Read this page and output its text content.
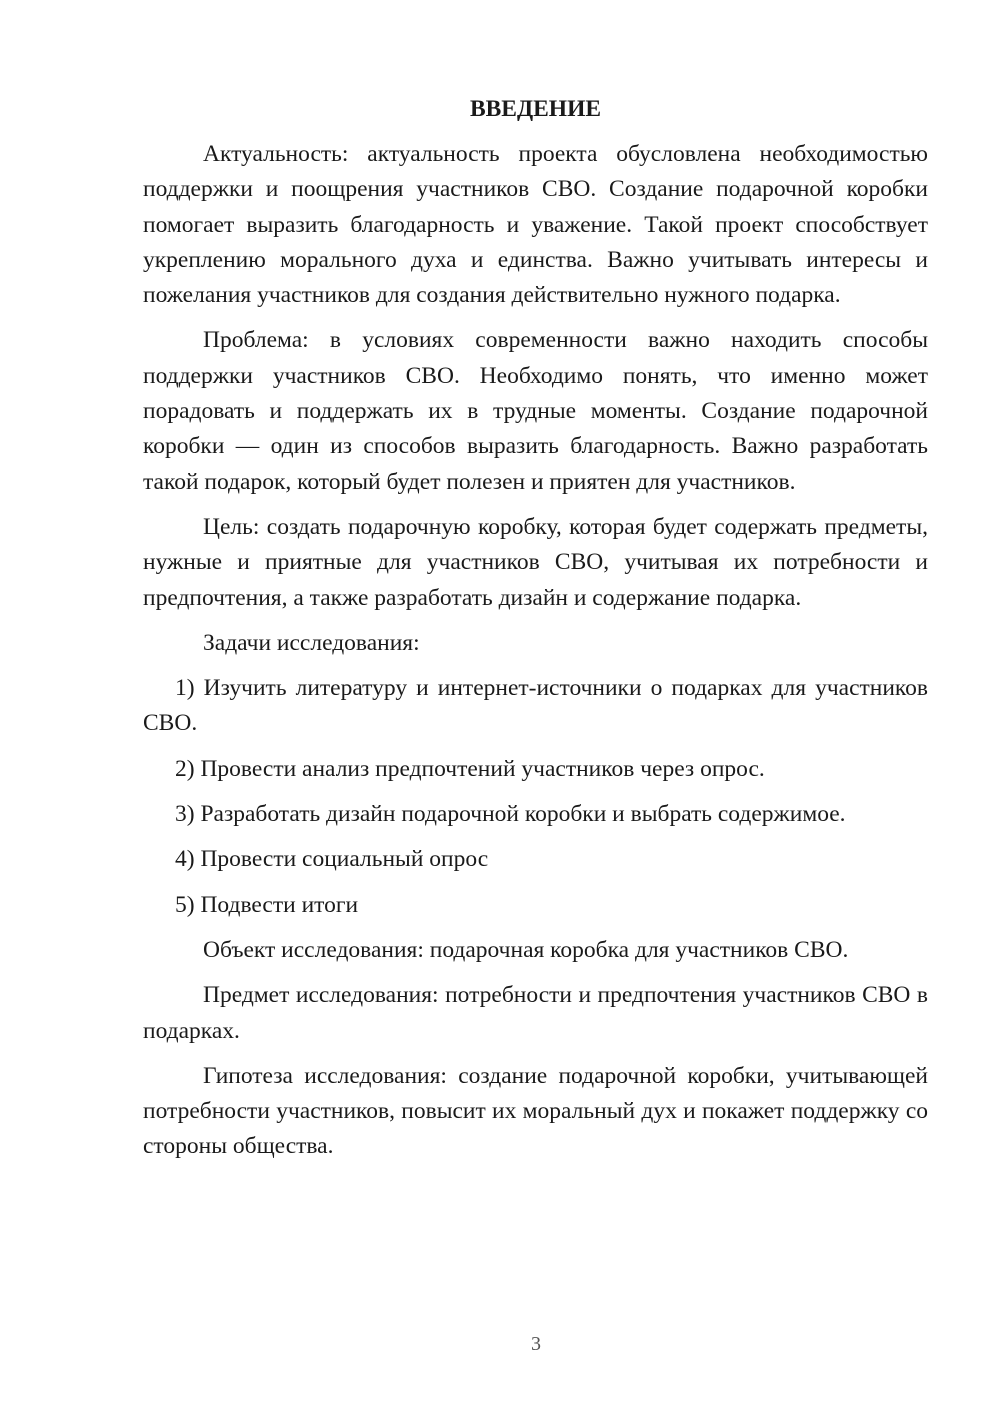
ВВЕДЕНИЕ

Актуальность: актуальность проекта обусловлена необходимостью поддержки и поощрения участников СВО. Создание подарочной коробки помогает выразить благодарность и уважение. Такой проект способствует укреплению морального духа и единства. Важно учитывать интересы и пожелания участников для создания действительно нужного подарка.

Проблема: в условиях современности важно находить способы поддержки участников СВО. Необходимо понять, что именно может порадовать и поддержать их в трудные моменты. Создание подарочной коробки — один из способов выразить благодарность. Важно разработать такой подарок, который будет полезен и приятен для участников.

Цель: создать подарочную коробку, которая будет содержать предметы, нужные и приятные для участников СВО, учитывая их потребности и предпочтения, а также разработать дизайн и содержание подарка.

Задачи исследования:

1) Изучить литературу и интернет-источники о подарках для участников СВО.

2) Провести анализ предпочтений участников через опрос.

3) Разработать дизайн подарочной коробки и выбрать содержимое.

4) Провести социальный опрос

5) Подвести итоги

Объект исследования: подарочная коробка для участников СВО.

Предмет исследования: потребности и предпочтения участников СВО в подарках.

Гипотеза исследования: создание подарочной коробки, учитывающей потребности участников, повысит их моральный дух и покажет поддержку со стороны общества.

3
